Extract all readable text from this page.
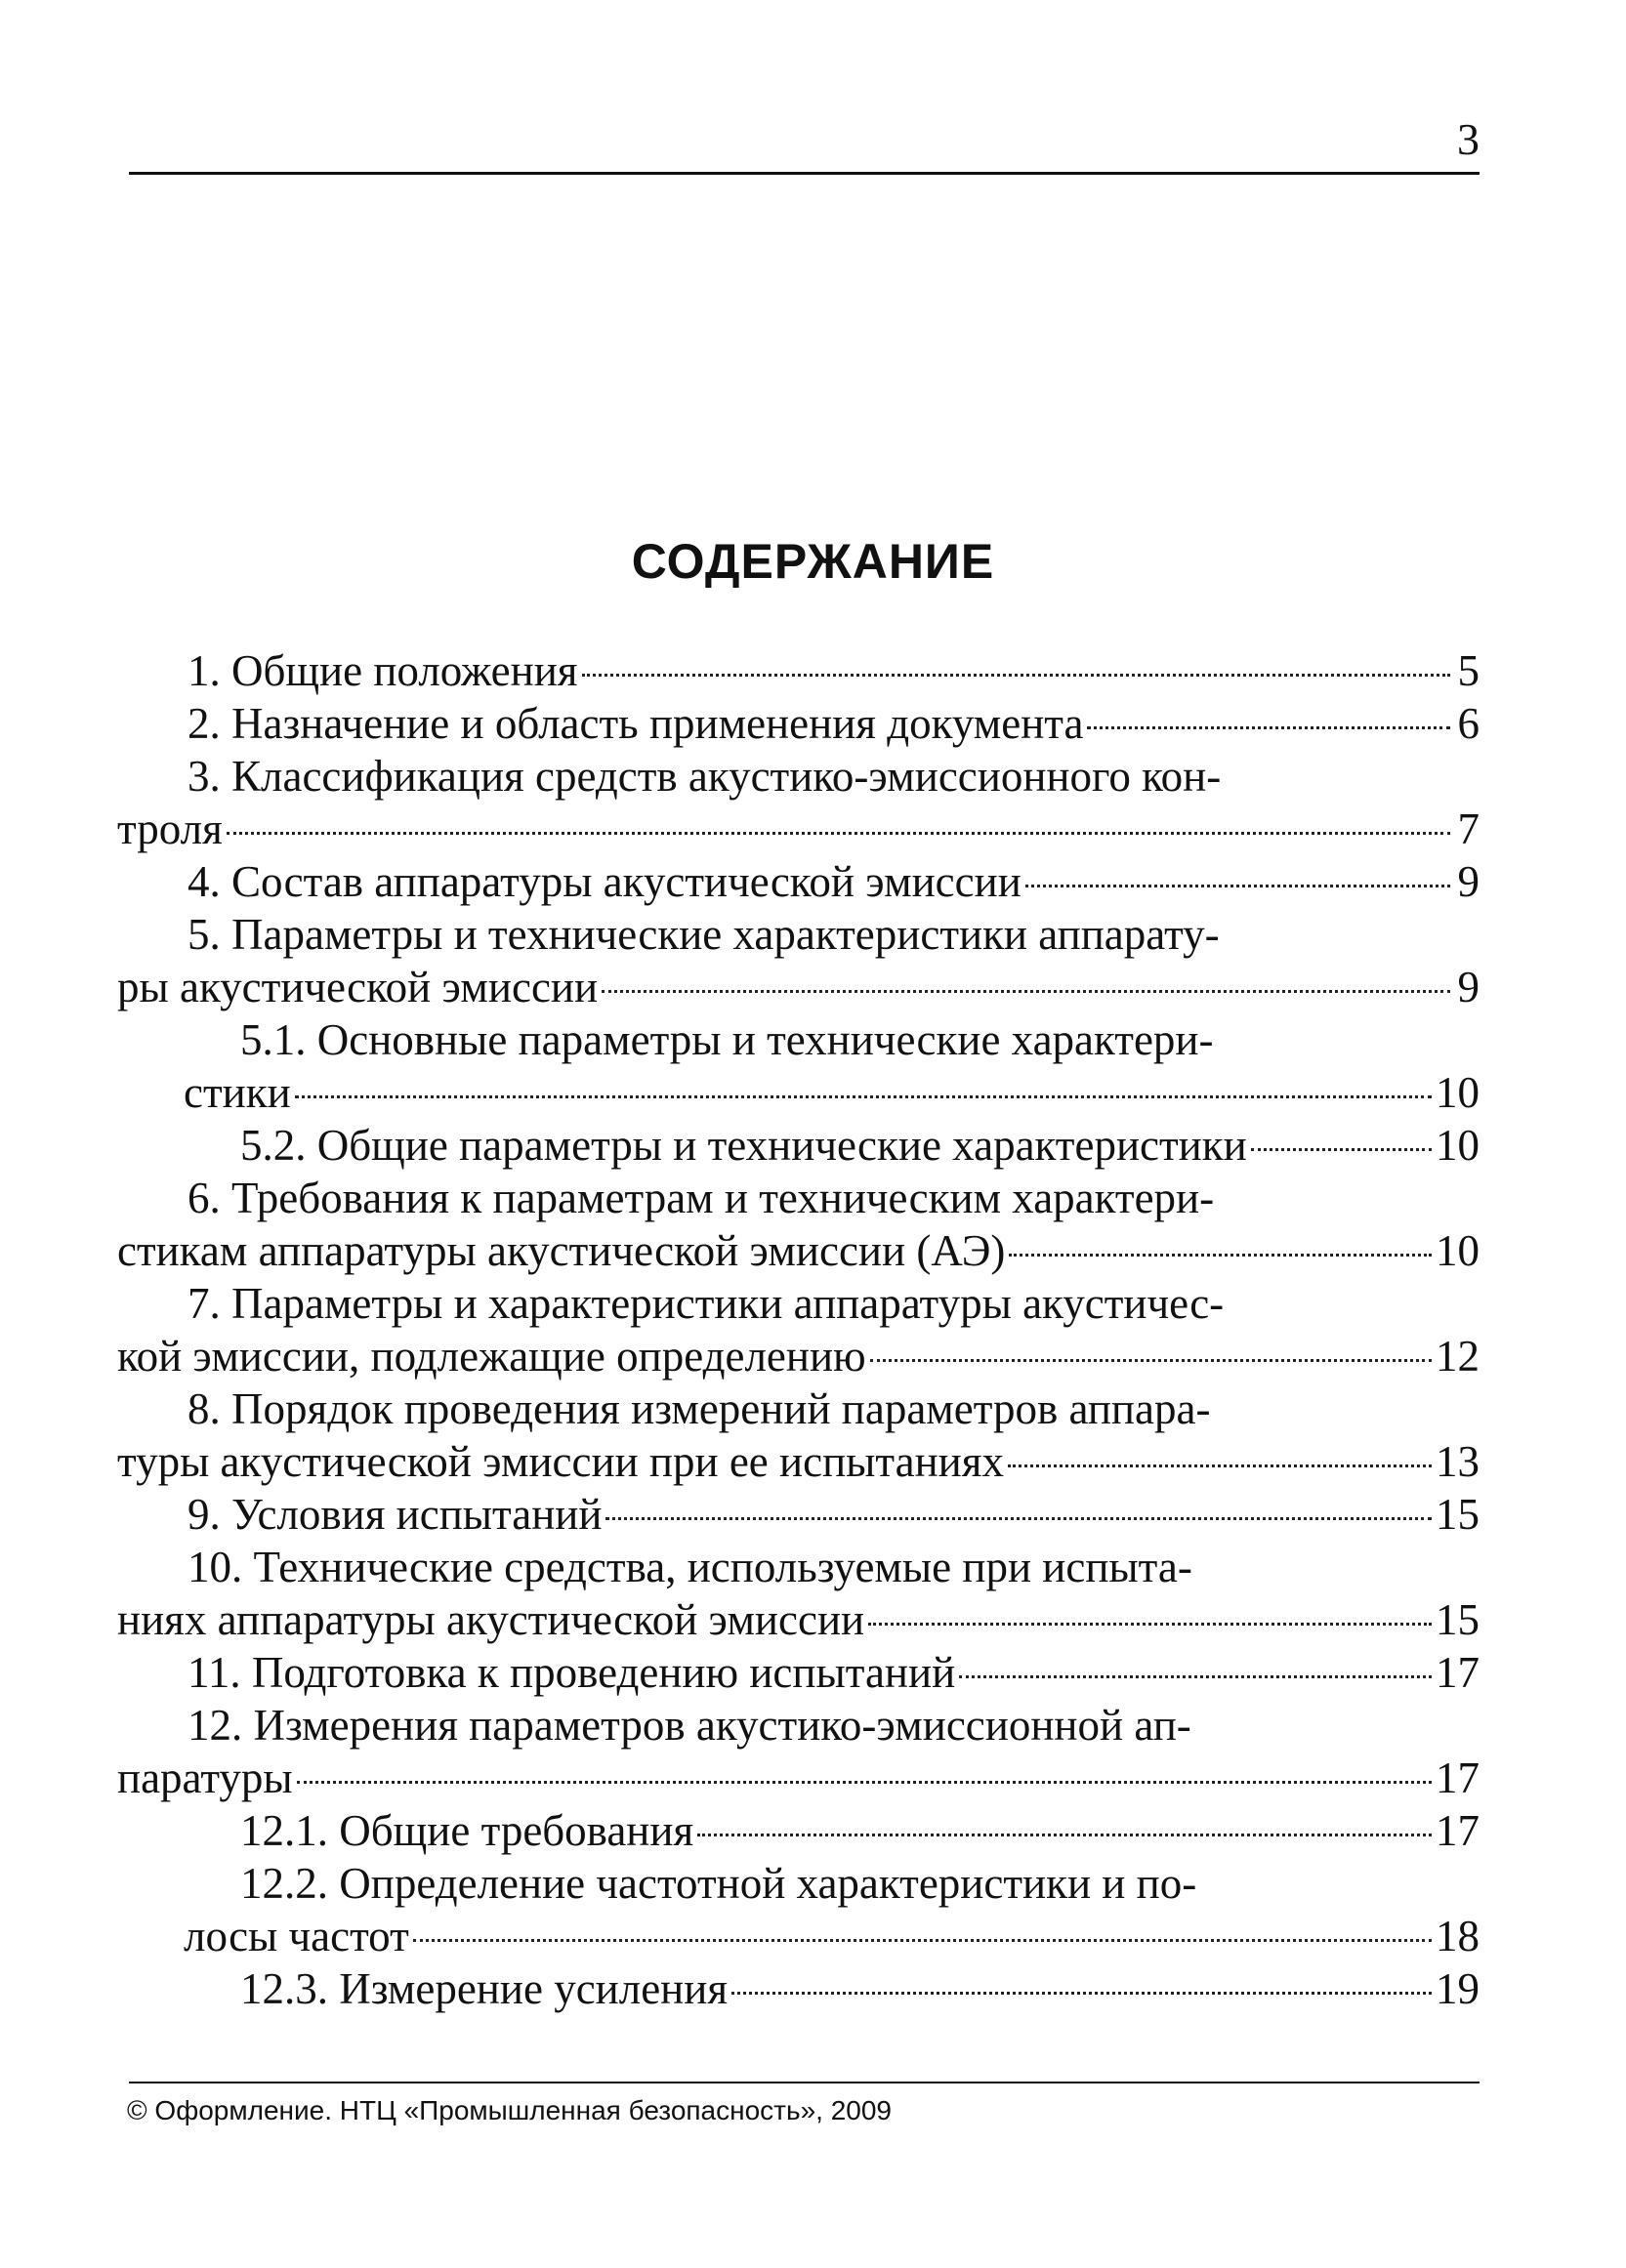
3
СОДЕРЖАНИЕ
1. Общие положения	5
2. Назначение и область применения документа	6
3. Классификация средств акустико-эмиссионного кон-
троля	7
4. Состав аппаратуры акустической эмиссии	9
5. Параметры и технические характеристики аппарату-
ры акустической эмиссии	9
5.1. Основные параметры и технические характери-
стики	10
5.2. Общие параметры и технические характеристики	10
6. Требования к параметрам и техническим характери-
стикам аппаратуры акустической эмиссии (АЭ)	10
7. Параметры и характеристики аппаратуры акустичес-
кой эмиссии, подлежащие определению	12
8. Порядок проведения измерений параметров аппара-
туры акустической эмиссии при ее испытаниях	13
9. Условия испытаний	15
10. Технические средства, используемые при испыта-
ниях аппаратуры акустической эмиссии	15
11. Подготовка к проведению испытаний	17
12. Измерения параметров акустико-эмиссионной ап-
паратуры	17
12.1. Общие требования	17
12.2. Определение частотной характеристики и по-
лосы частот	18
12.3. Измерение усиления	19
© Оформление. НТЦ «Промышленная безопасность», 2009
